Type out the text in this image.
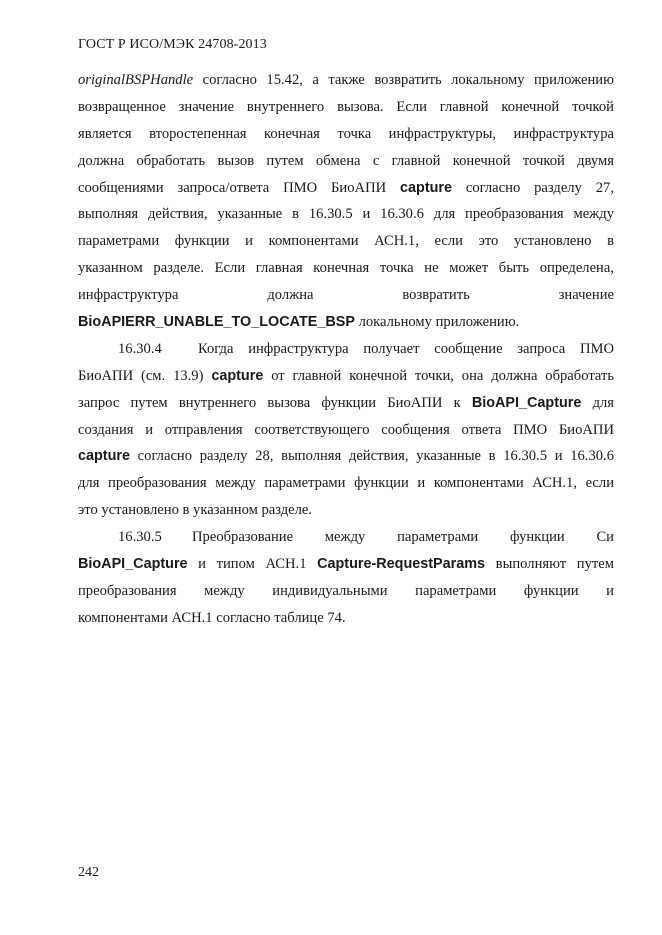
ГОСТ Р ИСО/МЭК 24708-2013
originalBSPHandle согласно 15.42, а также возвратить локальному приложению
возвращенное значение внутреннего вызова. Если главной конечной точкой
является второстепенная конечная точка инфраструктуры, инфраструктура
должна обработать вызов путем обмена с главной конечной точкой двумя
сообщениями запроса/ответа ПМО БиоАПИ capture согласно разделу 27,
выполняя действия, указанные в 16.30.5 и 16.30.6 для преобразования между
параметрами функции и компонентами АСН.1, если это установлено в
указанном разделе. Если главная конечная точка не может быть определена,
инфраструктура должна возвратить значение
BioAPIERR_UNABLE_TO_LOCATE_BSP локальному приложению.
16.30.4 Когда инфраструктура получает сообщение запроса ПМО
БиоАПИ (см. 13.9) capture от главной конечной точки, она должна обработать
запрос путем внутреннего вызова функции БиоАПИ к BioAPI_Capture для
создания и отправления соответствующего сообщения ответа ПМО БиоАПИ
capture согласно разделу 28, выполняя действия, указанные в 16.30.5 и 16.30.6
для преобразования между параметрами функции и компонентами АСН.1, если
это установлено в указанном разделе.
16.30.5 Преобразование между параметрами функции Си
BioAPI_Capture и типом АСН.1 Capture-RequestParams выполняют путем
преобразования между индивидуальными параметрами функции и
компонентами АСН.1 согласно таблице 74.
242
